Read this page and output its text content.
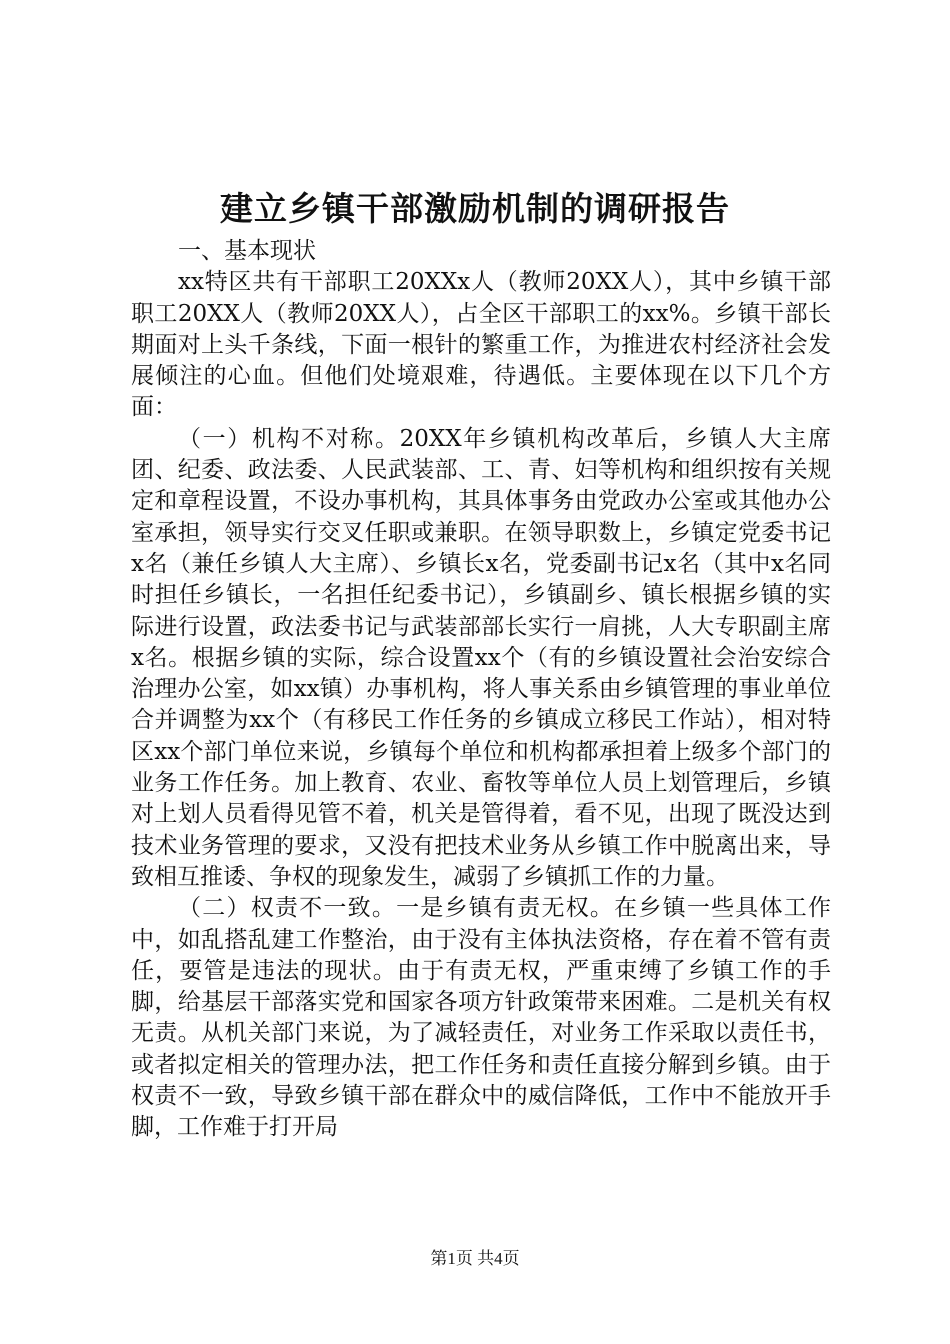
建立乡镇干部激励机制的调研报告

一、基本现状

xx特区共有干部职工20XXx人（教师20XX人），其中乡镇干部职工20XX人（教师20XX人），占全区干部职工的xx%。乡镇干部长期面对上头千条线，下面一根针的繁重工作，为推进农村经济社会发展倾注的心血。但他们处境艰难，待遇低。主要体现在以下几个方面：

（一）机构不对称。20XX年乡镇机构改革后，乡镇人大主席团、纪委、政法委、人民武装部、工、青、妇等机构和组织按有关规定和章程设置，不设办事机构，其具体事务由党政办公室或其他办公室承担，领导实行交叉任职或兼职。在领导职数上，乡镇定党委书记x名（兼任乡镇人大主席）、乡镇长x名，党委副书记x名（其中x名同时担任乡镇长，一名担任纪委书记），乡镇副乡、镇长根据乡镇的实际进行设置，政法委书记与武装部部长实行一肩挑，人大专职副主席x名。根据乡镇的实际，综合设置xx个（有的乡镇设置社会治安综合治理办公室，如xx镇）办事机构，将人事关系由乡镇管理的事业单位合并调整为xx个（有移民工作任务的乡镇成立移民工作站），相对特区xx个部门单位来说，乡镇每个单位和机构都承担着上级多个部门的业务工作任务。加上教育、农业、畜牧等单位人员上划管理后，乡镇对上划人员看得见管不着，机关是管得着，看不见，出现了既没达到技术业务管理的要求，又没有把技术业务从乡镇工作中脱离出来，导致相互推诿、争权的现象发生，减弱了乡镇抓工作的力量。

（二）权责不一致。一是乡镇有责无权。在乡镇一些具体工作中，如乱搭乱建工作整治，由于没有主体执法资格，存在着不管有责任，要管是违法的现状。由于有责无权，严重束缚了乡镇工作的手脚，给基层干部落实党和国家各项方针政策带来困难。二是机关有权无责。从机关部门来说，为了减轻责任，对业务工作采取以责任书，或者拟定相关的管理办法，把工作任务和责任直接分解到乡镇。由于权责不一致，导致乡镇干部在群众中的威信降低，工作中不能放开手脚，工作难于打开局

第1页 共4页
